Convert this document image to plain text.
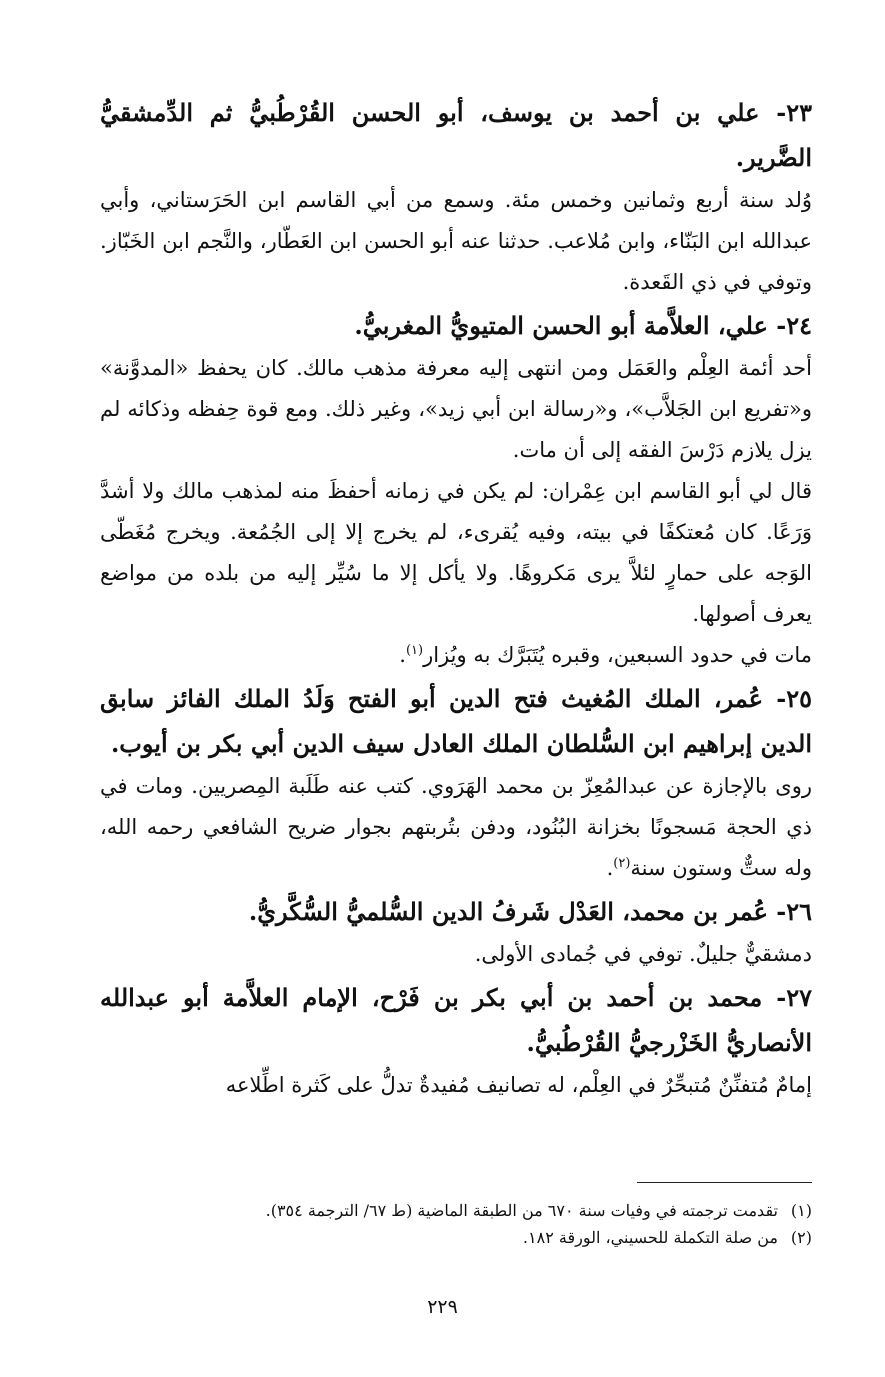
٢٣- علي بن أحمد بن يوسف، أبو الحسن القُرْطُبيُّ ثم الدِّمشقيُّ الضَّرير.

وُلد سنة أربع وثمانين وخمس مئة. وسمع من أبي القاسم ابن الحَرَستاني، وأبي عبدالله ابن البَنّاء، وابن مُلاعب. حدثنا عنه أبو الحسن ابن العَطّار، والنَّجم ابن الخَبّاز. وتوفي في ذي القَعدة.

٢٤- علي، العلاَّمة أبو الحسن المتيويُّ المغربيُّ.

أحد أئمة العِلْم والعَمَل ومن انتهى إليه معرفة مذهب مالك. كان يحفظ «المدوَّنة» و«تفريع ابن الجَلاَّب»، و«رسالة ابن أبي زيد»، وغير ذلك. ومع قوة حِفظه وذكائه لم يزل يلازم دَرْسَ الفقه إلى أن مات.

قال لي أبو القاسم ابن عِمْران: لم يكن في زمانه أحفظَ منه لمذهب مالك ولا أشدَّ وَرَعًا. كان مُعتكفًا في بيته، وفيه يُقرىء، لم يخرج إلا إلى الجُمُعة. ويخرج مُغَطّى الوَجه على حمارٍ لئلاَّ يرى مَكروهًا. ولا يأكل إلا ما سُيِّر إليه من بلده من مواضع يعرف أصولها.

مات في حدود السبعين، وقبره يُتَبَرَّك به ويُزار$^{(١)}$.

٢٥- عُمر، الملك المُغيث فتح الدين أبو الفتح وَلَدُ الملك الفائز سابق الدين إبراهيم ابن السُّلطان الملك العادل سيف الدين أبي بكر بن أيوب.

روى بالإجازة عن عبدالمُعِزّ بن محمد الهَرَوي. كتب عنه طَلَبة المِصريين. ومات في ذي الحجة مَسجونًا بخزانة البُنُود، ودفن بتُربتهم بجوار ضريح الشافعي رحمه الله، وله ستٌّ وستون سنة$^{(٢)}$.

٢٦- عُمر بن محمد، العَدْل شَرفُ الدين السُّلميُّ السُّكَّريُّ.

دمشقيٌّ جليلٌ. توفي في جُمادى الأولى.

٢٧- محمد بن أحمد بن أبي بكر بن فَرْح، الإمام العلاَّمة أبو عبدالله الأنصاريُّ الخَزْرجيُّ القُرْطُبيُّ.

إمامٌ مُتفنِّنٌ مُتبحِّرٌ في العِلْم، له تصانيف مُفيدةٌ تدلُّ على كَثرة اطِّلاعه

(١)تقدمت ترجمته في وفيات سنة ٦٧٠ من الطبقة الماضية (ط ٦٧/ الترجمة ٣٥٤).

(٢)من صلة التكملة للحسيني، الورقة ١٨٢.

٢٢٩
